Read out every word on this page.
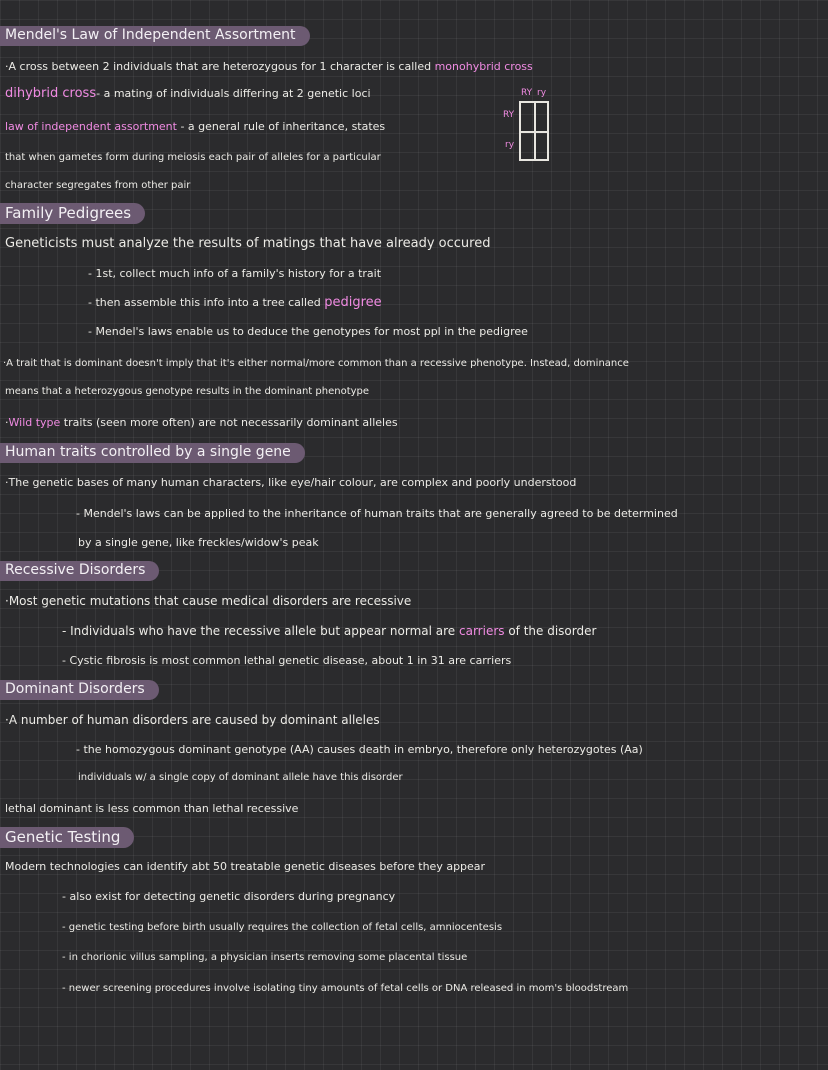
Mendel's Law of Independent Assortment
·A cross between 2 individuals that are heterozygous for 1 character is called monohybrid cross
dihybrid cross- a mating of individuals differing at 2 genetic loci
law of independent assortment - a general rule of inheritance, states
that when gametes form during meiosis each pair of alleles for a particular
character segregates from other pair
RY ry
RY
ry
Family Pedigrees
Geneticists must analyze the results of matings that have already occured
- 1st, collect much info of a family's history for a trait
- then assemble this info into a tree called pedigree
- Mendel's laws enable us to deduce the genotypes for most ppl in the pedigree
·A trait that is dominant doesn't imply that it's either normal/more common than a recessive phenotype. Instead, dominance
means that a heterozygous genotype results in the dominant phenotype
·Wild type traits (seen more often) are not necessarily dominant alleles
Human traits controlled by a single gene
·The genetic bases of many human characters, like eye/hair colour, are complex and poorly understood
- Mendel's laws can be applied to the inheritance of human traits that are generally agreed to be determined
by a single gene, like freckles/widow's peak
Recessive Disorders
·Most genetic mutations that cause medical disorders are recessive
- Individuals who have the recessive allele but appear normal are carriers of the disorder
- Cystic fibrosis is most common lethal genetic disease, about 1 in 31 are carriers
Dominant Disorders
·A number of human disorders are caused by dominant alleles
- the homozygous dominant genotype (AA) causes death in embryo, therefore only heterozygotes (Aa)
individuals w/ a single copy of dominant allele have this disorder
lethal dominant is less common than lethal recessive
Genetic Testing
Modern technologies can identify abt 50 treatable genetic diseases before they appear
- also exist for detecting genetic disorders during pregnancy
- genetic testing before birth usually requires the collection of fetal cells, amniocentesis
- in chorionic villus sampling, a physician inserts removing some placental tissue
- newer screening procedures involve isolating tiny amounts of fetal cells or DNA released in mom's bloodstream
